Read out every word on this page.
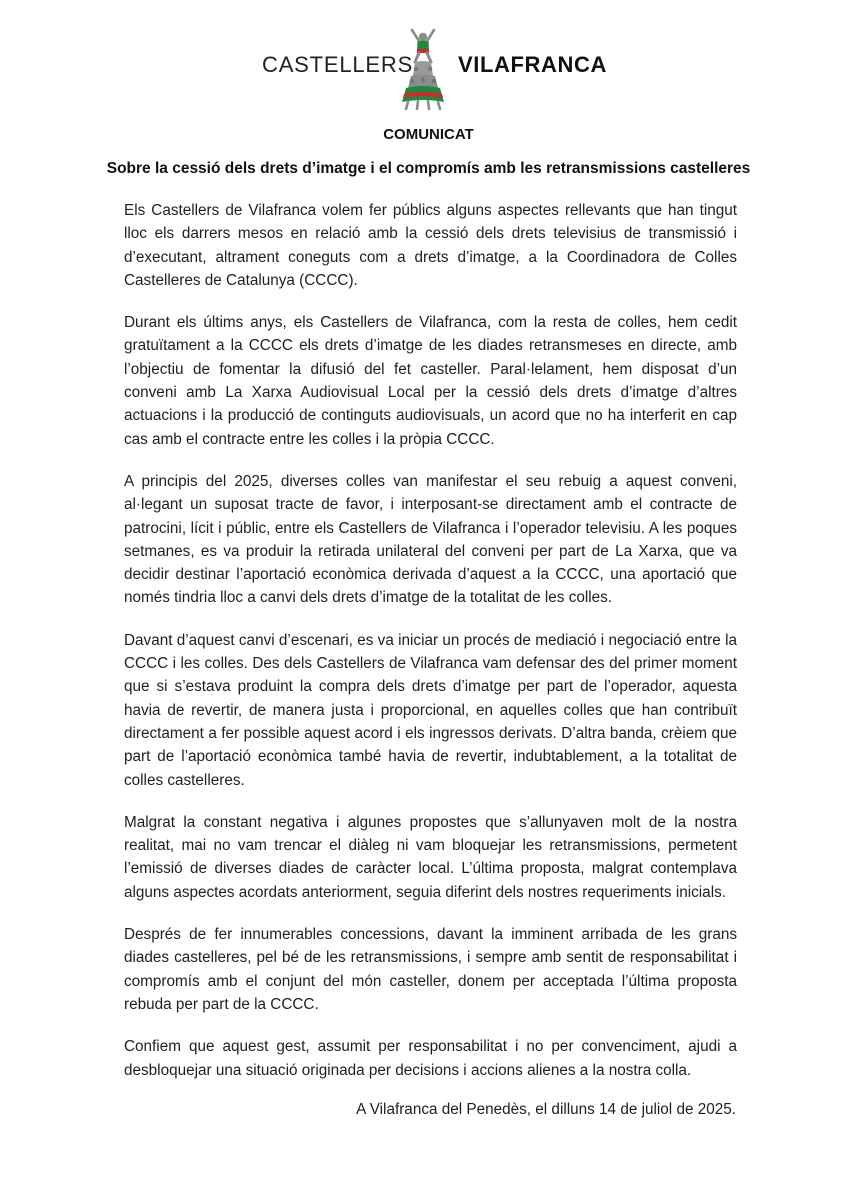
CASTELLERS VILAFRANCA
COMUNICAT
Sobre la cessió dels drets d’imatge i el compromís amb les retransmissions castelleres

Els Castellers de Vilafranca volem fer públics alguns aspectes rellevants que han tingut lloc els darrers mesos en relació amb la cessió dels drets televisius de transmissió i d’executant, altrament coneguts com a drets d’imatge, a la Coordinadora de Colles Castelleres de Catalunya (CCCC).

Durant els últims anys, els Castellers de Vilafranca, com la resta de colles, hem cedit gratuïtament a la CCCC els drets d’imatge de les diades retransmeses en directe, amb l’objectiu de fomentar la difusió del fet casteller. Paral·lelament, hem disposat d’un conveni amb La Xarxa Audiovisual Local per la cessió dels drets d’imatge d’altres actuacions i la producció de continguts audiovisuals, un acord que no ha interferit en cap cas amb el contracte entre les colles i la pròpia CCCC.

A principis del 2025, diverses colles van manifestar el seu rebuig a aquest conveni, al·legant un suposat tracte de favor, i interposant-se directament amb el contracte de patrocini, lícit i públic, entre els Castellers de Vilafranca i l’operador televisiu. A les poques setmanes, es va produir la retirada unilateral del conveni per part de La Xarxa, que va decidir destinar l’aportació econòmica derivada d’aquest a la CCCC, una aportació que només tindria lloc a canvi dels drets d’imatge de la totalitat de les colles.

Davant d’aquest canvi d’escenari, es va iniciar un procés de mediació i negociació entre la CCCC i les colles. Des dels Castellers de Vilafranca vam defensar des del primer moment que si s’estava produint la compra dels drets d’imatge per part de l’operador, aquesta havia de revertir, de manera justa i proporcional, en aquelles colles que han contribuït directament a fer possible aquest acord i els ingressos derivats. D’altra banda, crèiem que part de l’aportació econòmica també havia de revertir, indubtablement, a la totalitat de colles castelleres.

Malgrat la constant negativa i algunes propostes que s’allunyaven molt de la nostra realitat, mai no vam trencar el diàleg ni vam bloquejar les retransmissions, permetent l’emissió de diverses diades de caràcter local. L’última proposta, malgrat contemplava alguns aspectes acordats anteriorment, seguia diferint dels nostres requeriments inicials.

Després de fer innumerables concessions, davant la imminent arribada de les grans diades castelleres, pel bé de les retransmissions, i sempre amb sentit de responsabilitat i compromís amb el conjunt del món casteller, donem per acceptada l’última proposta rebuda per part de la CCCC.

Confiem que aquest gest, assumit per responsabilitat i no per convenciment, ajudi a desbloquejar una situació originada per decisions i accions alienes a la nostra colla.

A Vilafranca del Penedès, el dilluns 14 de juliol de 2025.
